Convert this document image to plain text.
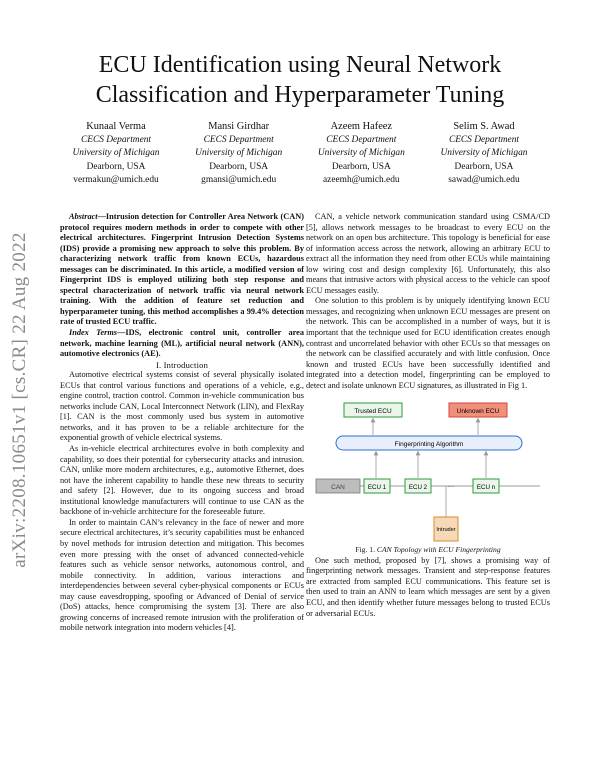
arXiv:2208.10651v1 [cs.CR] 22 Aug 2022
ECU Identification using Neural Network
Classification and Hyperparameter Tuning
Kunaal Verma
CECS Department
University of Michigan
Dearborn, USA
vermakun@umich.edu
Mansi Girdhar
CECS Department
University of Michigan
Dearborn, USA
gmansi@umich.edu
Azeem Hafeez
CECS Department
University of Michigan
Dearborn, USA
azeemh@umich.edu
Selim S. Awad
CECS Department
University of Michigan
Dearborn, USA
sawad@umich.edu

Abstract—Intrusion detection for Controller Area Network (CAN) protocol requires modern methods in order to compete with other electrical architectures. Fingerprint Intrusion Detection Systems (IDS) provide a promising new approach to solve this problem. By characterizing network traffic from known ECUs, hazardous messages can be discriminated. In this article, a modified version of Fingerprint IDS is employed utilizing both step response and spectral characterization of network traffic via neural network training. With the addition of feature set reduction and hyperparameter tuning, this method accomplishes a 99.4% detection rate of trusted ECU traffic.

Index Terms—IDS, electronic control unit, controller area network, machine learning (ML), artificial neural network (ANN), automotive electronics (AE).

I. Introduction

Automotive electrical systems consist of several physically isolated ECUs that control various functions and operations of a vehicle, e.g., engine control, traction control. Common in-vehicle communication bus networks include CAN, Local Interconnect Network (LIN), and FlexRay [1]. CAN is the most commonly used bus system in automotive networks, and it has proven to be a reliable architecture for the exponential growth of vehicle electrical systems.

As in-vehicle electrical architectures evolve in both complexity and capability, so does their potential for cybersecurity attacks and intrusion. CAN, unlike more modern architectures, e.g., automotive Ethernet, does not have the inherent capability to handle these new threats to security and safety [2]. However, due to its ongoing success and broad institutional knowledge manufacturers will continue to use CAN as the backbone of in-vehicle architecture for the foreseeable future.

In order to maintain CAN’s relevancy in the face of newer and more secure electrical architectures, it’s security capabilities must be enhanced by novel methods for intrusion detection and mitigation. This becomes even more pressing with the onset of advanced connected-vehicle features such as vehicle sensor networks, autonomous control, and mobile connectivity. In addition, various interactions and interdependencies between several cyber-physical components or ECUs may cause eavesdropping, spoofing or Advanced of Denial of service (DoS) attacks, hence compromising the system [3]. There are also growing concerns of increased remote intrusion with the proliferation of mobile network integration into modern vehicles [4].

CAN, a vehicle network communication standard using CSMA/CD [5], allows network messages to be broadcast to every ECU on the network on an open bus architecture. This topology is beneficial for ease of information access across the network, allowing an arbitrary ECU to extract all the information they need from other ECUs while maintaining low wiring cost and design complexity [6]. Unfortunately, this also means that intrusive actors with physical access to the vehicle can spoof ECU messages easily.

One solution to this problem is by uniquely identifying known ECU messages, and recognizing when unknown ECU messages are present on the network. This can be accomplished in a number of ways, but it is important that the technique used for ECU identification creates enough contrast and uncorrelated behavior with other ECUs so that messages on the network can be classified accurately and with little confusion. Once known and trusted ECUs have been successfully identified and integrated into a detection model, fingerprinting can be employed to detect and isolate unknown ECU signatures, as illustrated in Fig 1.

Trusted ECU	Unknown ECU
Fingerprinting Algorithm
CAN	ECU 1	ECU 2	...	ECU n
Intruder

Fig. 1. CAN Topology with ECU Fingerprinting

One such method, proposed by [7], shows a promising way of fingerprinting network messages. Transient and step-response features are extracted from sampled ECU communications. This feature set is then used to train an ANN to learn which messages are sent by a given ECU, and then identify whether future messages belong to trusted ECUs or adversarial ECUs.
